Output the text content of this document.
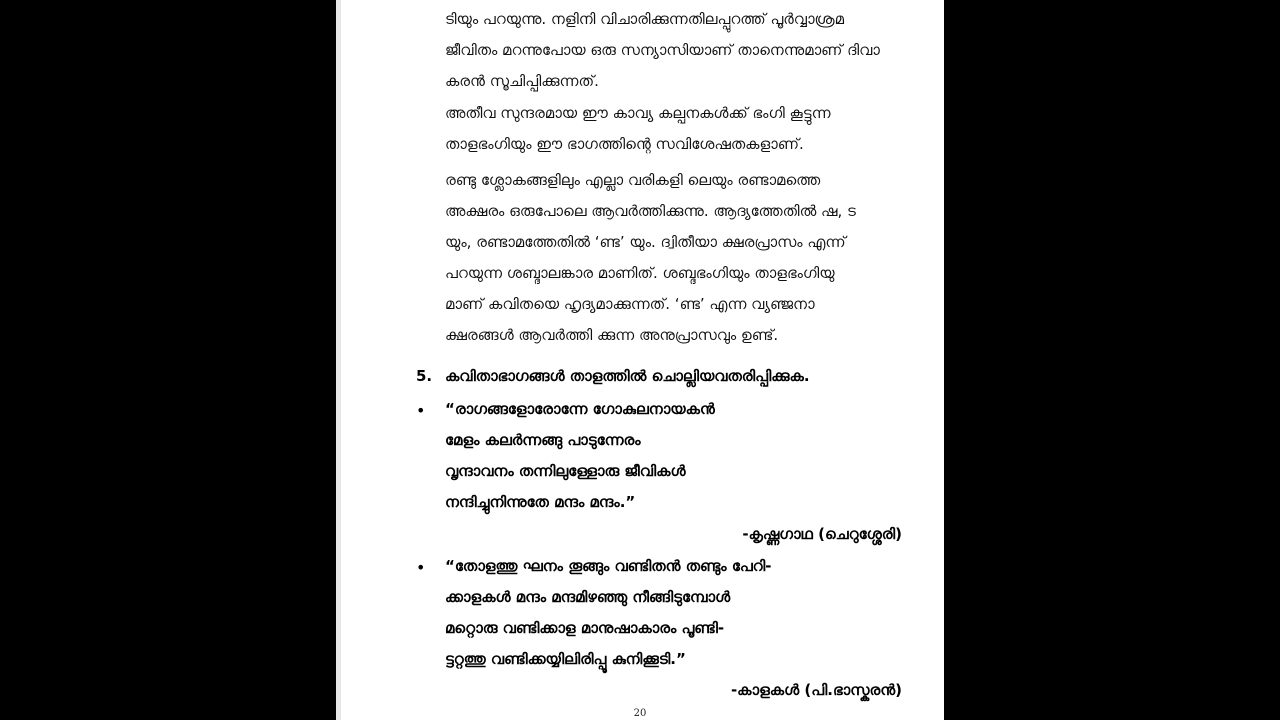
ടിയും പറയുന്നു. നളിനി വിചാരിക്കുന്നതിലപ്പുറത്ത് പൂർവ്വാശ്രമ
ജീവിതം മറന്നുപോയ ഒരു സന്യാസിയാണ് താനെന്നുമാണ് ദിവാ
കരൻ സൂചിപ്പിക്കുന്നത്.
അതീവ സുന്ദരമായ ഈ കാവ്യ കല്പനകൾക്ക് ഭംഗി കൂട്ടുന്ന
താളഭംഗിയും ഈ ഭാഗത്തിന്റെ സവിശേഷതകളാണ്.
രണ്ടു ശ്ലോകങ്ങളിലും എല്ലാ വരികളി ലെയും രണ്ടാമത്തെ
അക്ഷരം ഒരുപോലെ ആവർത്തിക്കുന്നു. ആദ്യത്തേതിൽ ഷ, ട
യും, രണ്ടാമത്തേതിൽ ‘ണ്ട’ യും. ദ്വിതീയാ ക്ഷരപ്രാസം എന്ന്
പറയുന്ന ശബ്ദാലങ്കാര മാണിത്. ശബ്ദഭംഗിയും താളഭംഗിയു
മാണ് കവിതയെ ഹൃദ്യമാക്കുന്നത്. ‘ണ്ട’ എന്ന വ്യഞ്ജനാ
ക്ഷരങ്ങൾ ആവർത്തി ക്കുന്ന അനുപ്രാസവും ഉണ്ട്.
5. കവിതാഭാഗങ്ങൾ താളത്തിൽ ചൊല്ലിയവതരിപ്പിക്കുക.
• “രാഗങ്ങളോരോന്നേ ഗോകുലനായകൻ
മേളം കലർന്നങ്ങു പാടുന്നേരം
വൃന്ദാവനം തന്നിലുള്ളോരു ജീവികൾ
നന്ദിച്ചുനിന്നുതേ മന്ദം മന്ദം.”
-കൃഷ്ണഗാഥ (ചെറുശ്ശേരി)
• “തോളത്തു ഘനം തൂങ്ങും വണ്ടിതൻ തണ്ടും പേറി-
ക്കാളകൾ മന്ദം മന്ദമിഴഞ്ഞു നീങ്ങിടുമ്പോൾ
മറ്റൊരു വണ്ടിക്കാള മാനുഷാകാരം പൂണ്ടി-
ട്ടറ്റത്തു വണ്ടിക്കയ്യിലിരിപ്പൂ കുനിക്കൂടി.”
-കാളകൾ (പി.ഭാസ്കരൻ)
20
